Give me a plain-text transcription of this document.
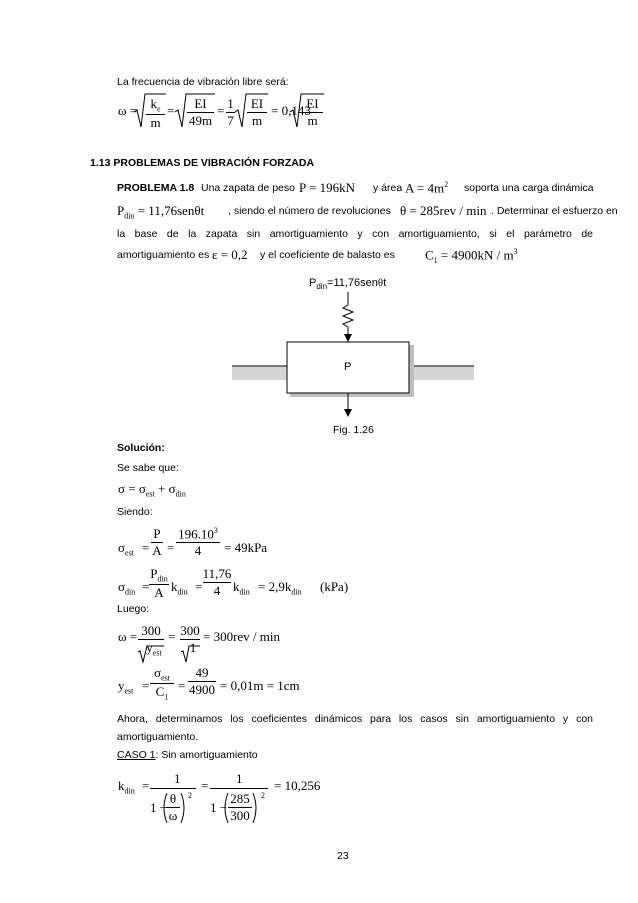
La frecuencia de vibración libre será:
$\omega = k_e$
m
= EI
49m
= 1
7
EI
m
= 0,143
EI
m
1.13 PROBLEMAS DE VIBRACIÓN FORZADA
PROBLEMA 1.8 Una zapata de peso P = 196kN y área $A = 4m^2$ soporta una carga dinámica
$P_{din} = 11,76sen\theta t$ , siendo el número de revoluciones θ = 285rev / min . Determinar el esfuerzo en
la base de la zapata sin amortiguamiento y con amortiguamiento, si el parámetro de
amortiguamiento es ε = 0,2 y el coeficiente de balasto es $C_1 = 4900kN / m^3$
$P_{din}=11,76sen\theta t$
P
Fig. 1.26
Solución:
Se sabe que:
$\sigma = \sigma_{est} + \sigma_{din}$
Siendo:
$\sigma_{est}$ =
P
A =
$196.10^3$
4 = 49kPa
$\sigma_{din}$ =
$P_{din}$
A $k_{din}$ =
11,76
4 $k_{din} = 2,9k_{din}$ (kPa)
Luego:
ω = 300
$y_{est}$
= 300
1
= 300rev / min
$y_{est}$ =
$\sigma_{est}$
$C_1$
=
49
4900 = 0,01m = 1cm
Ahora, determinamos los coeficientes dinámicos para los casos sin amortiguamiento y con
amortiguamiento.
CASO 1: Sin amortiguamiento
$k_{din} = 1$
1 −
θ
ω
2
= 1
1 −
285
300
2
= 10,256
23
